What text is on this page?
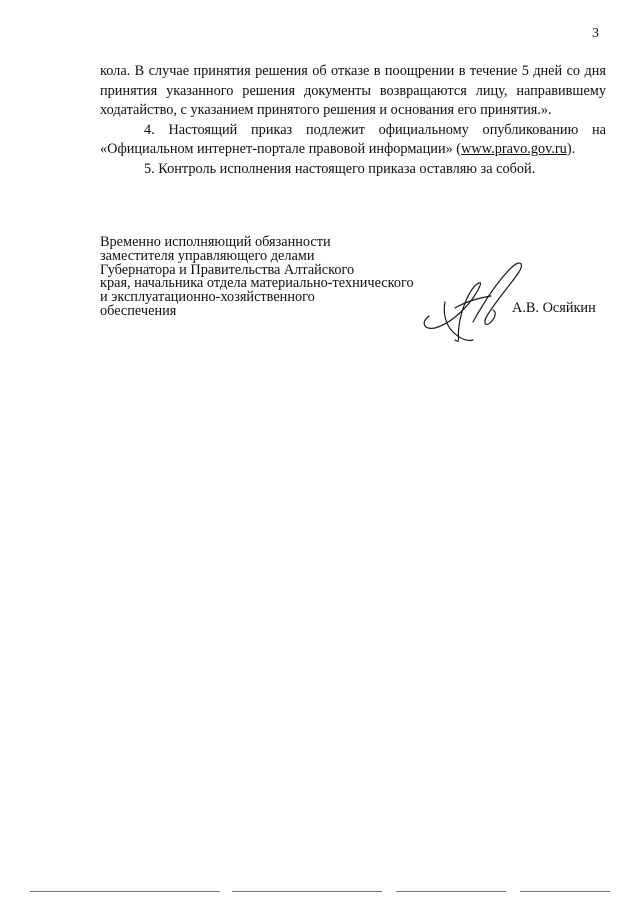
3

кола. В случае принятия решения об отказе в поощрении в течение 5 дней со дня принятия указанного решения документы возвращаются лицу, направившему ходатайство, с указанием принятого решения и основания его принятия.».

4. Настоящий приказ подлежит официальному опубликованию на «Официальном интернет-портале правовой информации» (www.pravo.gov.ru).

5. Контроль исполнения настоящего приказа оставляю за собой.

Временно исполняющий обязанности
заместителя управляющего делами
Губернатора и Правительства Алтайского
края, начальника отдела материально-технического
и эксплуатационно-хозяйственного
обеспечения	А.В. Осяйкин
